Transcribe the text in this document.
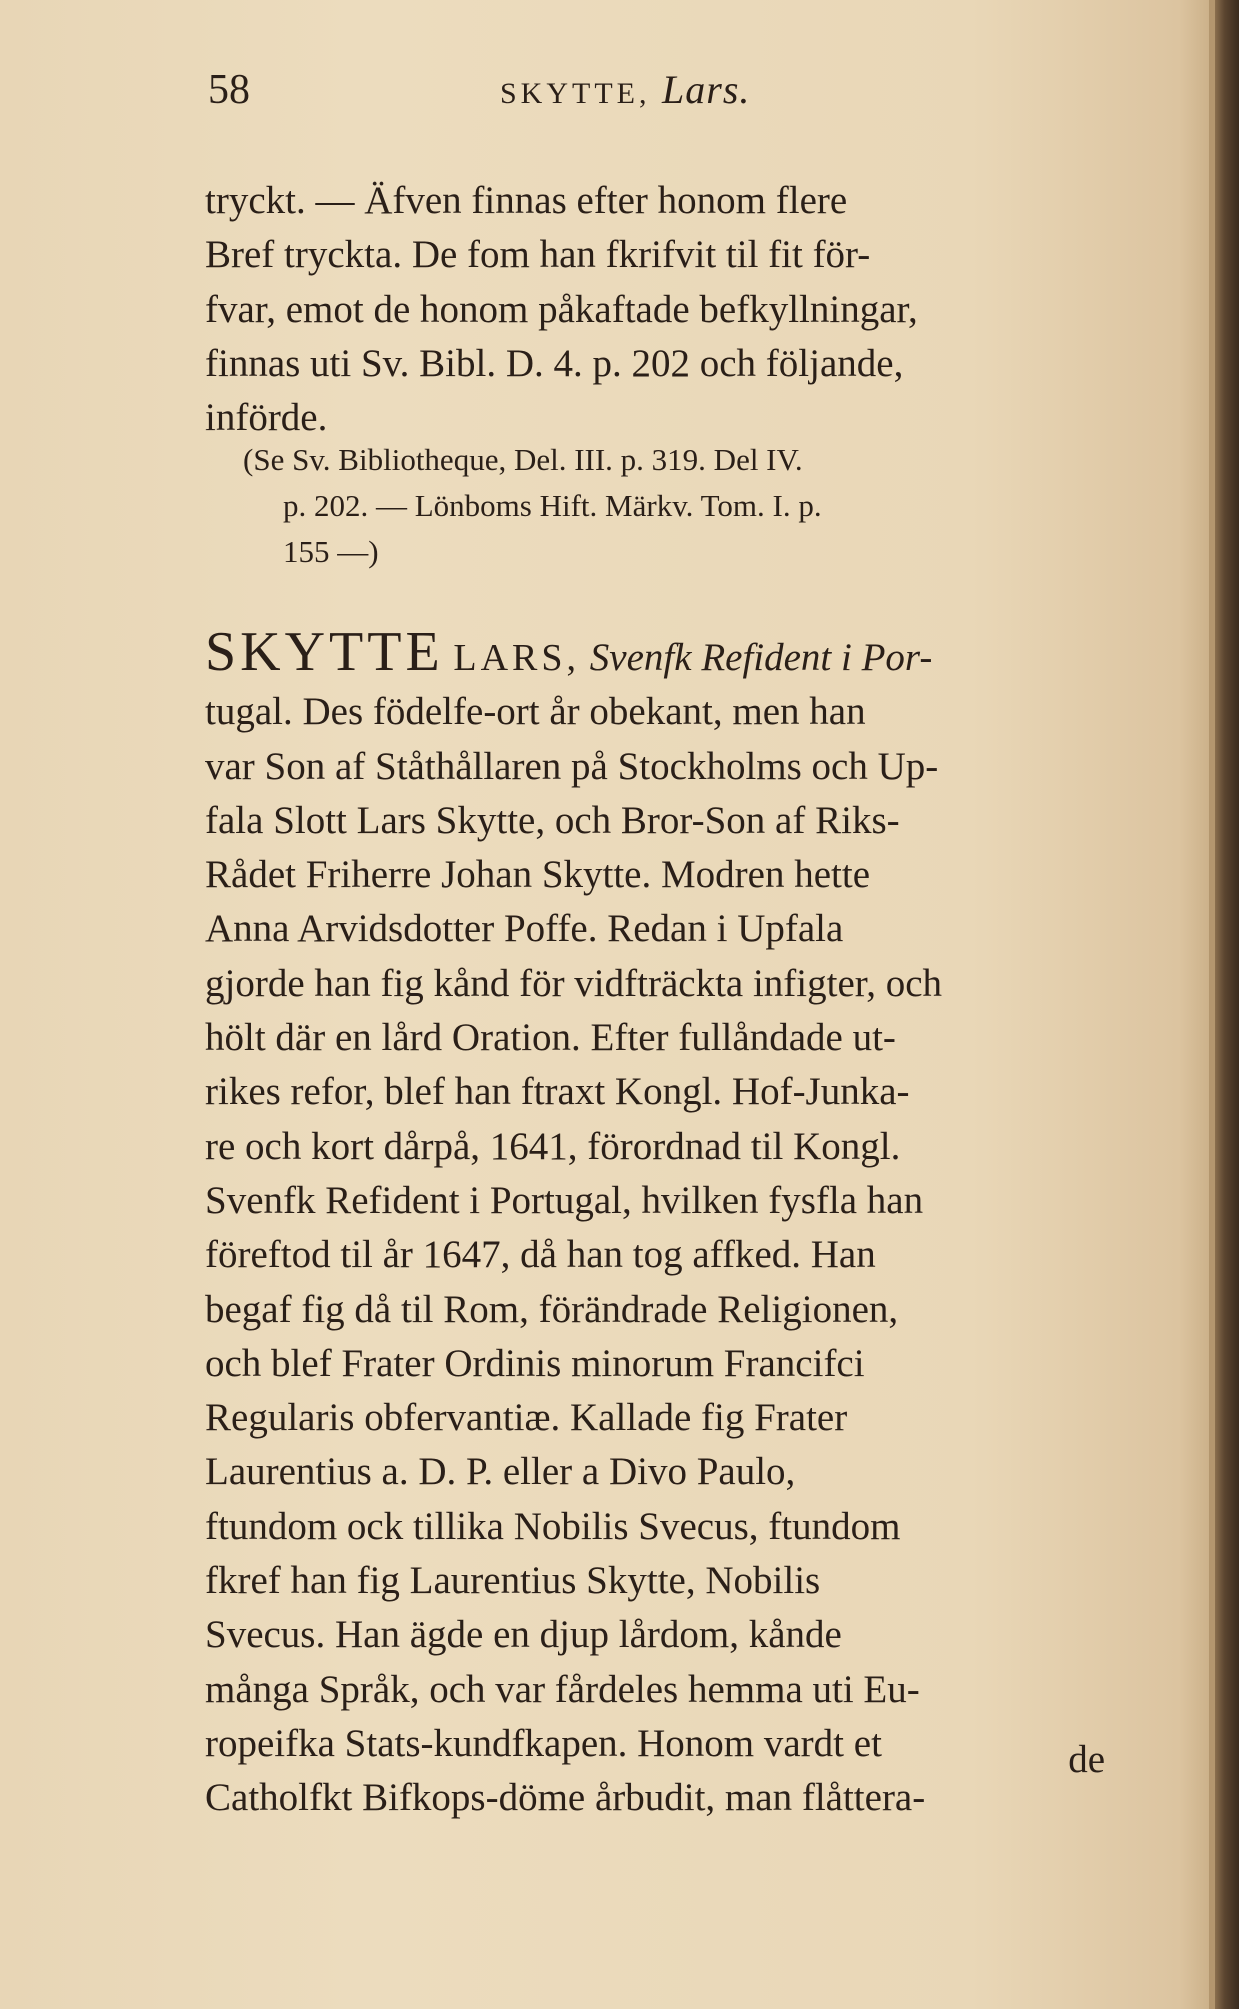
58	SKYTTE, Lars.
tryckt. — Äfven finnas efter honom flere
Bref tryckta. De fom han fkrifvit til fit för-
fvar, emot de honom påkaftade befkyllningar,
finnas uti Sv. Bibl. D. 4. p. 202 och följande,
införde.
(Se Sv. Bibliotheque, Del. III. p. 319. Del IV.
p. 202. — Lönboms Hift. Märkv. Tom. I. p.
155 —)
SKYTTE LARS, Svenfk Refident i Por-
tugal. Des födelfe-ort år obekant, men han
var Son af Ståthållaren på Stockholms och Up-
fala Slott Lars Skytte, och Bror-Son af Riks-
Rådet Friherre Johan Skytte. Modren hette
Anna Arvidsdotter Poffe. Redan i Upfala
gjorde han fig kånd för vidfträckta infigter, och
hölt där en lård Oration. Efter fullåndade ut-
rikes refor, blef han ftraxt Kongl. Hof-Junka-
re och kort dårpå, 1641, förordnad til Kongl.
Svenfk Refident i Portugal, hvilken fysfla han
föreftod til år 1647, då han tog affked. Han
begaf fig då til Rom, förändrade Religionen,
och blef Frater Ordinis minorum Francifci
Regularis obfervantiæ. Kallade fig Frater
Laurentius a. D. P. eller a Divo Paulo,
ftundom ock tillika Nobilis Svecus, ftundom
fkref han fig Laurentius Skytte, Nobilis
Svecus. Han ägde en djup lårdom, kånde
många Språk, och var fårdeles hemma uti Eu-
ropeifka Stats-kundfkapen. Honom vardt et
Catholfkt Bifkops-döme årbudit, man flåttera-
de
